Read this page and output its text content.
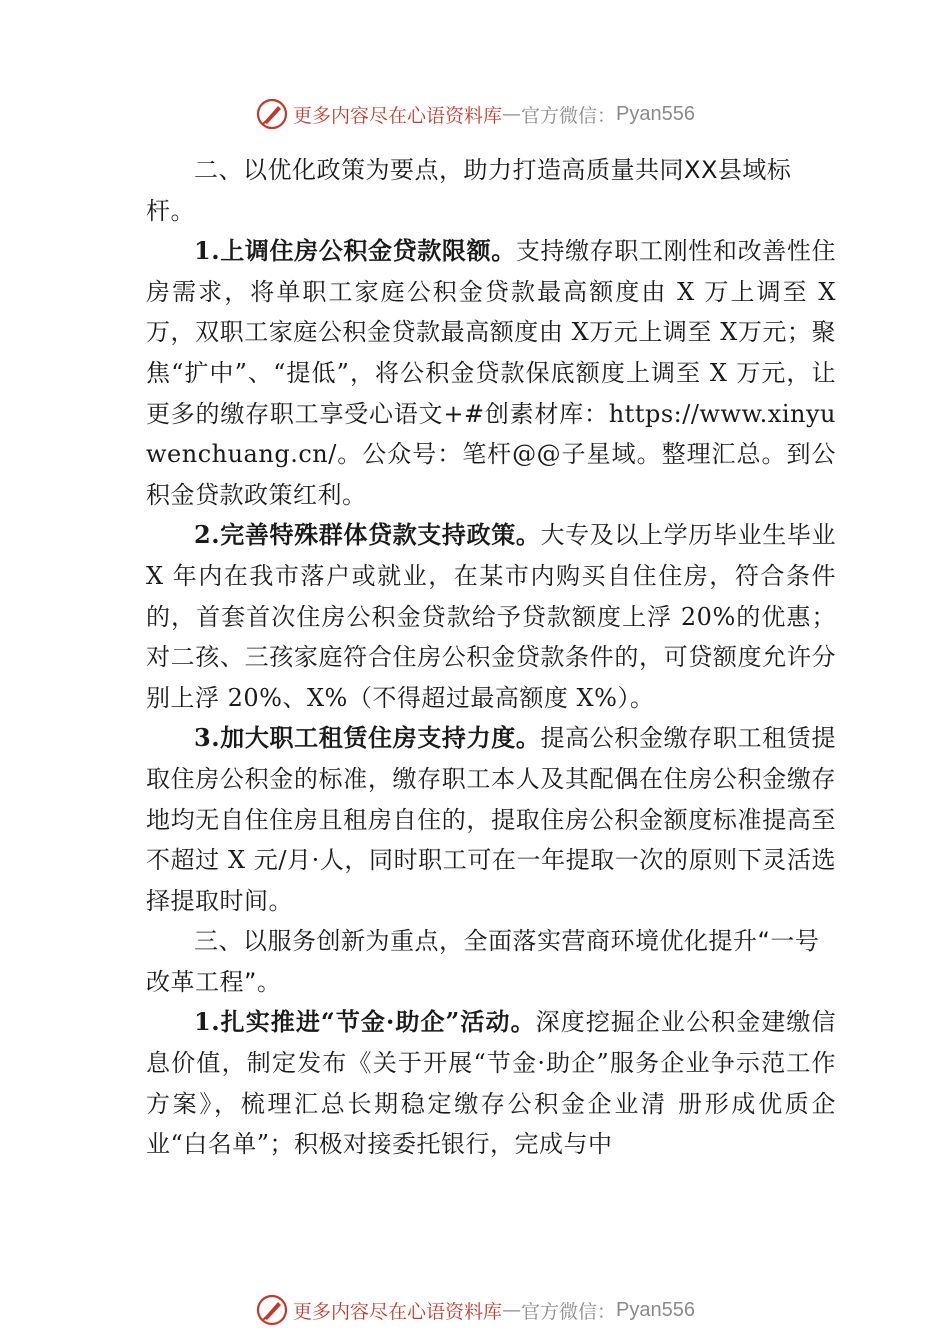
更多内容尽在心语资料库 — 官方微信： Pyan556

二、以优化政策为要点，助力打造高质量共同XX县域标杆。

1.上调住房公积金贷款限额。支持缴存职工刚性和改善性住房需求，将单职工家庭公积金贷款最高额度由 X 万上调至 X万，双职工家庭公积金贷款最高额度由 X万元上调至 X万元；聚焦“扩中”、“提低”，将公积金贷款保底额度上调至 X 万元，让更多的缴存职工享受心语文+#创素材库：https://www.xinyuwenchuang.cn/。公众号：笔杆@@子星域。整理汇总。到公积金贷款政策红利。

2.完善特殊群体贷款支持政策。大专及以上学历毕业生毕业 X 年内在我市落户或就业，在某市内购买自住住房，符合条件的，首套首次住房公积金贷款给予贷款额度上浮 20%的优惠；对二孩、三孩家庭符合住房公积金贷款条件的，可贷额度允许分别上浮 20%、X%（不得超过最高额度 X%）。

3.加大职工租赁住房支持力度。提高公积金缴存职工租赁提取住房公积金的标准，缴存职工本人及其配偶在住房公积金缴存地均无自住住房且租房自住的，提取住房公积金额度标准提高至不超过 X 元/月·人，同时职工可在一年提取一次的原则下灵活选择提取时间。

三、以服务创新为重点，全面落实营商环境优化提升“一号改革工程”。

1.扎实推进“节金·助企”活动。深度挖掘企业公积金建缴信息价值，制定发布《关于开展“节金·助企”服务企业争示范工作方案》，梳理汇总长期稳定缴存公积金企业清 册形成优质企业“白名单”；积极对接委托银行，完成与中

更多内容尽在心语资料库 — 官方微信： Pyan556
